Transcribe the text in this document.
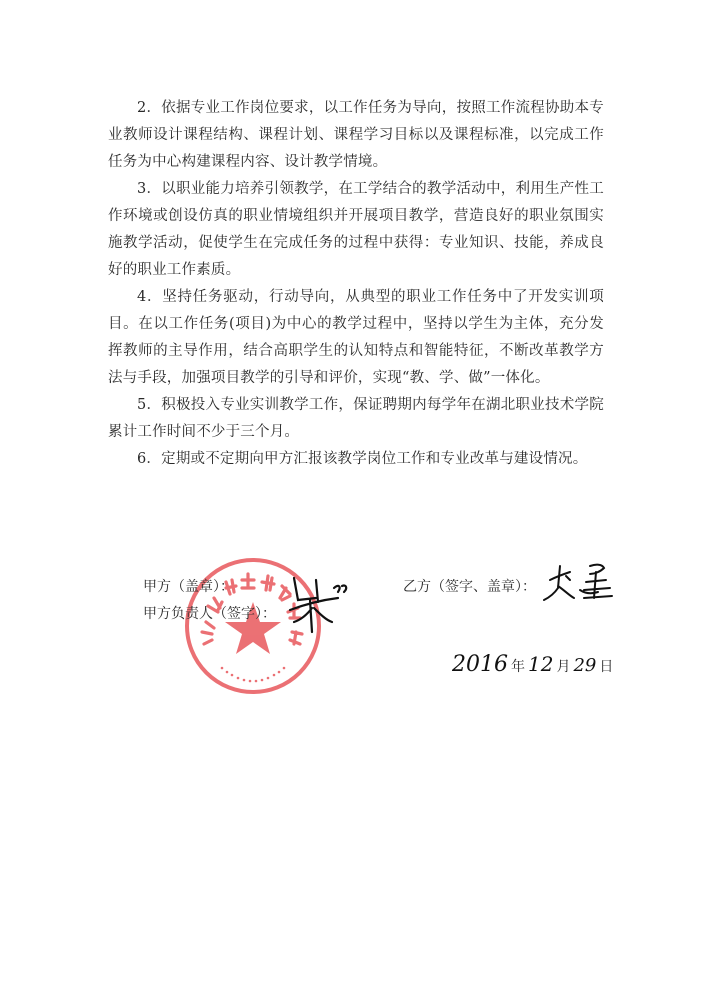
2．依据专业工作岗位要求，以工作任务为导向，按照工作流程协助本专业教师设计课程结构、课程计划、课程学习目标以及课程标准，以完成工作任务为中心构建课程内容、设计教学情境。

3．以职业能力培养引领教学，在工学结合的教学活动中，利用生产性工作环境或创设仿真的职业情境组织并开展项目教学，营造良好的职业氛围实施教学活动，促使学生在完成任务的过程中获得：专业知识、技能，养成良好的职业工作素质。

4．坚持任务驱动，行动导向，从典型的职业工作任务中了开发实训项目。在以工作任务(项目)为中心的教学过程中，坚持以学生为主体，充分发挥教师的主导作用，结合高职学生的认知特点和智能特征，不断改革教学方法与手段，加强项目教学的引导和评价，实现“教、学、做”一体化。

5．积极投入专业实训教学工作，保证聘期内每学年在湖北职业技术学院累计工作时间不少于三个月。

6．定期或不定期向甲方汇报该教学岗位工作和专业改革与建设情况。

甲方（盖章）：
甲方负责人（签字）：
乙方（签字、盖章）：
2016 年 12 月 29 日
